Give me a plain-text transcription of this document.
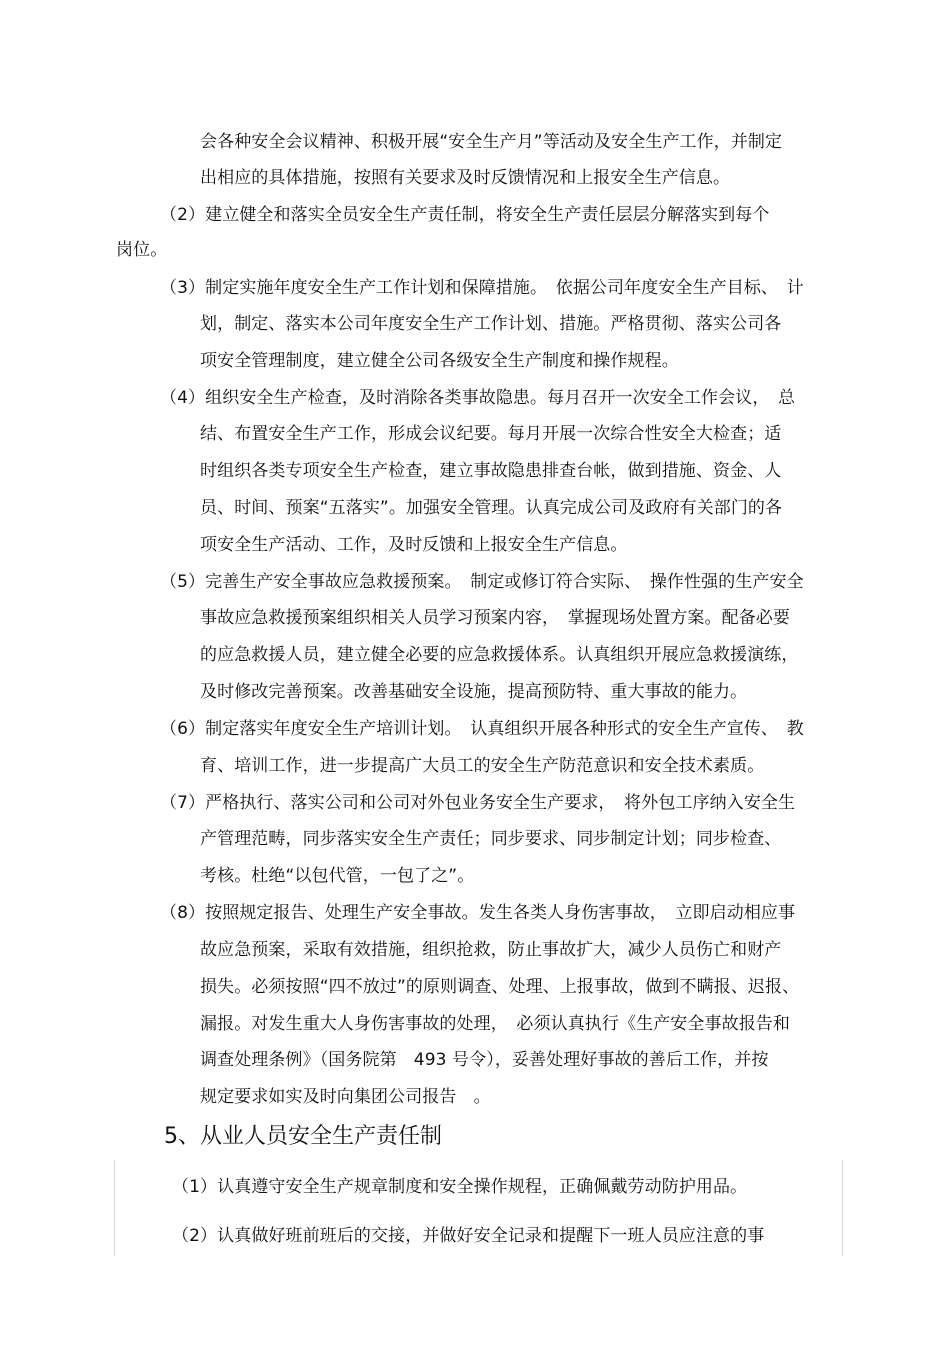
会各种安全会议精神、积极开展“安全生产月”等活动及安全生产工作，并制定
出相应的具体措施，按照有关要求及时反馈情况和上报安全生产信息。
（2）建立健全和落实全员安全生产责任制，将安全生产责任层层分解落实到每个
岗位。
（3）制定实施年度安全生产工作计划和保障措施。　依据公司年度安全生产目标、　计
划，制定、落实本公司年度安全生产工作计划、措施。严格贯彻、落实公司各
项安全管理制度，建立健全公司各级安全生产制度和操作规程。
（4）组织安全生产检查，及时消除各类事故隐患。每月召开一次安全工作会议，　总
结、布置安全生产工作，形成会议纪要。每月开展一次综合性安全大检查；适
时组织各类专项安全生产检查，建立事故隐患排查台帐，做到措施、资金、人
员、时间、预案“五落实”。加强安全管理。认真完成公司及政府有关部门的各
项安全生产活动、工作，及时反馈和上报安全生产信息。
（5）完善生产安全事故应急救援预案。　制定或修订符合实际、　操作性强的生产安全
事故应急救援预案组织相关人员学习预案内容，　掌握现场处置方案。配备必要
的应急救援人员，建立健全必要的应急救援体系。认真组织开展应急救援演练，
及时修改完善预案。改善基础安全设施，提高预防特、重大事故的能力。
（6）制定落实年度安全生产培训计划。　认真组织开展各种形式的安全生产宣传、　教
育、培训工作，进一步提高广大员工的安全生产防范意识和安全技术素质。
（7）严格执行、落实公司和公司对外包业务安全生产要求，　将外包工序纳入安全生
产管理范畴，同步落实安全生产责任；同步要求、同步制定计划；同步检查、
考核。杜绝“以包代管，一包了之”。
（8）按照规定报告、处理生产安全事故。发生各类人身伤害事故，　立即启动相应事
故应急预案，采取有效措施，组织抢救，防止事故扩大，减少人员伤亡和财产
损失。必须按照“四不放过”的原则调查、处理、上报事故，做到不瞒报、迟报、
漏报。对发生重大人身伤害事故的处理，　必须认真执行《生产安全事故报告和
调查处理条例》（国务院第　493 号令），妥善处理好事故的善后工作，并按
规定要求如实及时向集团公司报告　。
5、从业人员安全生产责任制
（1）认真遵守安全生产规章制度和安全操作规程，正确佩戴劳动防护用品。
（2）认真做好班前班后的交接，并做好安全记录和提醒下一班人员应注意的事
